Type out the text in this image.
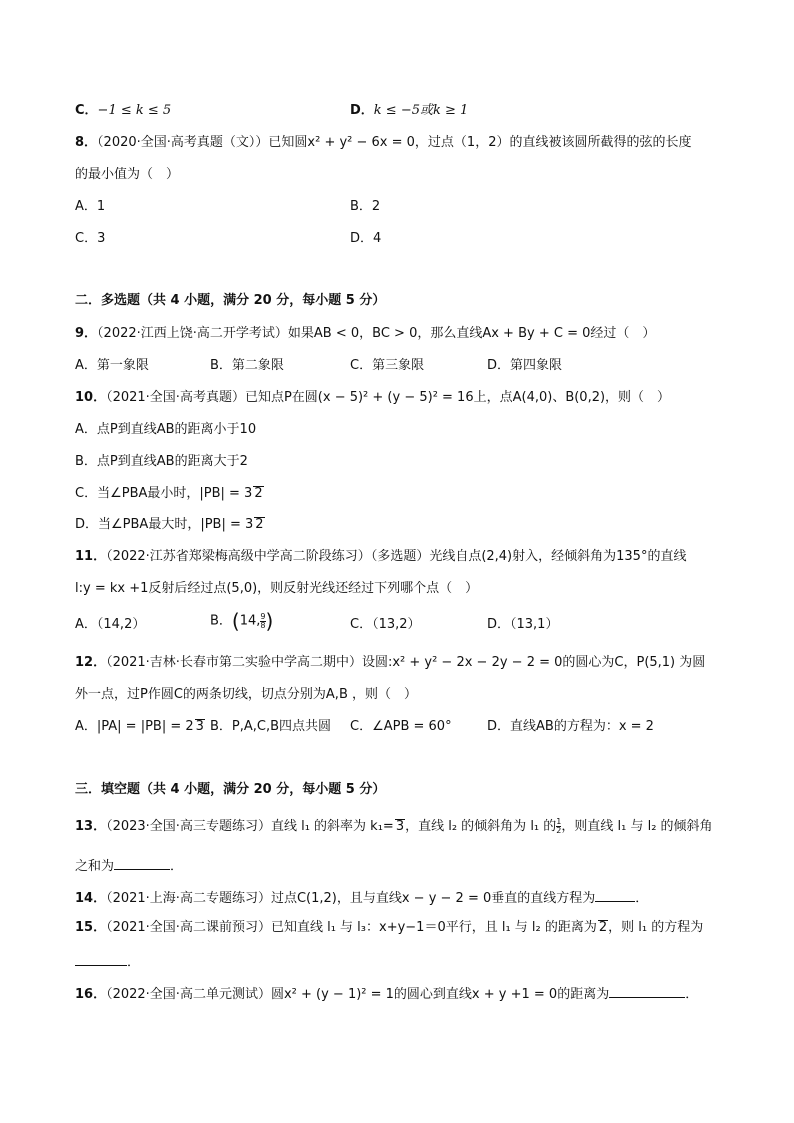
C．−1 ≤ k ≤ 5	D．k ≤ −5或k ≥ 1
8．（2020·全国·高考真题（文））已知圆x² + y² − 6x = 0，过点（1，2）的直线被该圆所截得的弦的长度
的最小值为（　）
A．1	B．2
C．3	D．4
二．多选题（共 4 小题，满分 20 分，每小题 5 分）
9．（2022·江西上饶·高二开学考试）如果AB < 0，BC > 0，那么直线Ax + By + C = 0经过（　）
A．第一象限	B．第二象限	C．第三象限	D．第四象限
10．（2021·全国·高考真题）已知点P在圆(x − 5)² + (y − 5)² = 16上，点A(4,0)、B(0,2)，则（　）
A．点P到直线AB的距离小于10
B．点P到直线AB的距离大于2
C．当∠PBA最小时，|PB| = 3 2
D．当∠PBA最大时，|PB| = 3 2
11．（2022·江苏省郑梁梅高级中学高二阶段练习）（多选题）光线自点(2,4)射入，经倾斜角为135°的直线
l:y = kx +1反射后经过点(5,0)，则反射光线还经过下列哪个点（　）
A．（14,2）	B．(14, $\frac{9}{8}$ )	C．（13,2）	D．（13,1）
12．（2021·吉林·长春市第二实验中学高二期中）设圆:x² + y² − 2x − 2y − 2 = 0的圆心为C，P(5,1) 为圆
外一点，过P作圆C的两条切线，切点分别为A,B ，则（　）
A．|PA| = |PB| = 2 3 B．P,A,C,B四点共圆 C．∠APB = 60°	D．直线AB的方程为：x = 2
三．填空题（共 4 小题，满分 20 分，每小题 5 分）
13．（2023·全国·高三专题练习）直线 l₁ 的斜率为 k₁= 3，直线 l₂ 的倾斜角为 l₁ 的 $\frac{1}{2}$ ，则直线 l₁ 与 l₂ 的倾斜角
之和为	．
14．（2021·上海·高二专题练习）过点C(1,2)，且与直线x − y − 2 = 0垂直的直线方程为	．
15．（2021·全国·高二课前预习）已知直线 l₁ 与 l₃：x+y−1＝0平行，且 l₁ 与 l₂ 的距离为 2，则 l₁ 的方程为
．
16．（2022·全国·高二单元测试）圆x² + (y − 1)² = 1的圆心到直线x + y +1 = 0的距离为	．
